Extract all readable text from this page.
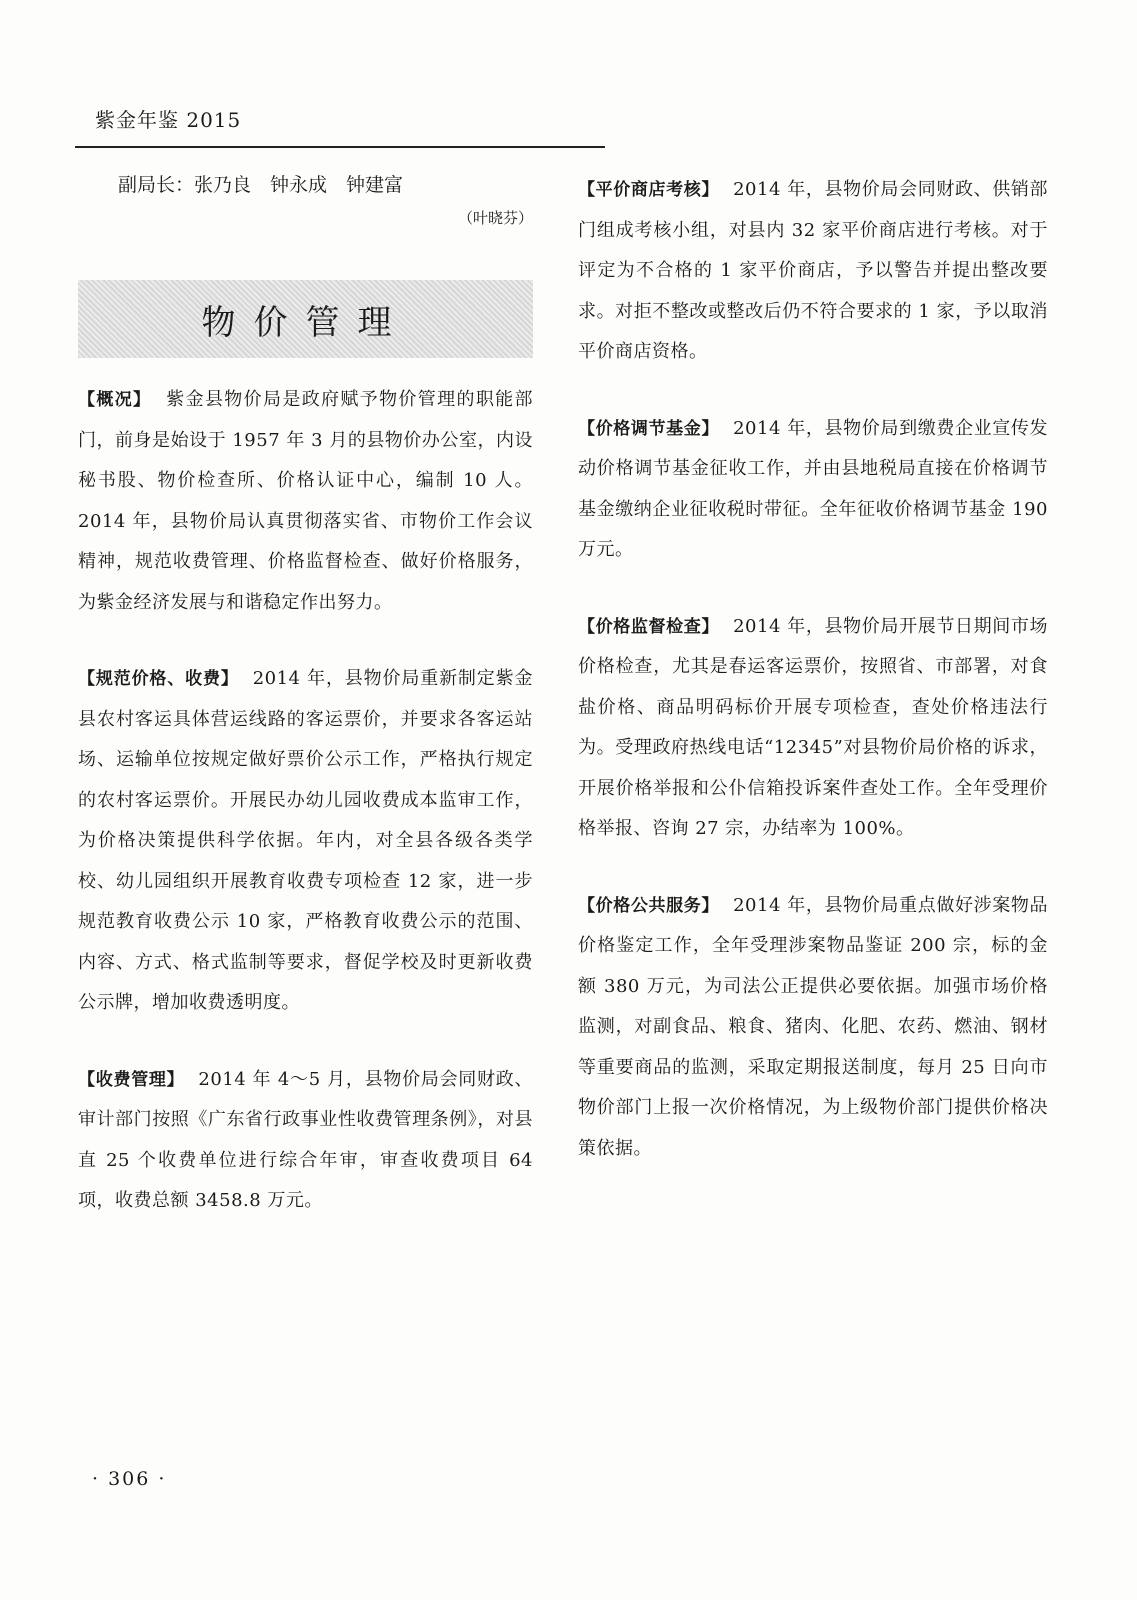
紫金年鉴 2015
副局长：张乃良　钟永成　钟建富
（叶晓芬）
物价管理

【概况】 紫金县物价局是政府赋予物价管理的职能部门，前身是始设于 1957 年 3 月的县物价办公室，内设秘书股、物价检查所、价格认证中心，编制 10 人。2014 年，县物价局认真贯彻落实省、市物价工作会议精神，规范收费管理、价格监督检查、做好价格服务，为紫金经济发展与和谐稳定作出努力。

【规范价格、收费】 2014 年，县物价局重新制定紫金县农村客运具体营运线路的客运票价，并要求各客运站场、运输单位按规定做好票价公示工作，严格执行规定的农村客运票价。开展民办幼儿园收费成本监审工作，为价格决策提供科学依据。年内，对全县各级各类学校、幼儿园组织开展教育收费专项检查 12 家，进一步规范教育收费公示 10 家，严格教育收费公示的范围、内容、方式、格式监制等要求，督促学校及时更新收费公示牌，增加收费透明度。

【收费管理】 2014 年 4～5 月，县物价局会同财政、审计部门按照《广东省行政事业性收费管理条例》，对县直 25 个收费单位进行综合年审，审查收费项目 64 项，收费总额 3458.8 万元。

【平价商店考核】 2014 年，县物价局会同财政、供销部门组成考核小组，对县内 32 家平价商店进行考核。对于评定为不合格的 1 家平价商店，予以警告并提出整改要求。对拒不整改或整改后仍不符合要求的 1 家，予以取消平价商店资格。

【价格调节基金】 2014 年，县物价局到缴费企业宣传发动价格调节基金征收工作，并由县地税局直接在价格调节基金缴纳企业征收税时带征。全年征收价格调节基金 190 万元。

【价格监督检查】 2014 年，县物价局开展节日期间市场价格检查，尤其是春运客运票价，按照省、市部署，对食盐价格、商品明码标价开展专项检查，查处价格违法行为。受理政府热线电话“12345”对县物价局价格的诉求，开展价格举报和公仆信箱投诉案件查处工作。全年受理价格举报、咨询 27 宗，办结率为 100%。

【价格公共服务】 2014 年，县物价局重点做好涉案物品价格鉴定工作，全年受理涉案物品鉴证 200 宗，标的金额 380 万元，为司法公正提供必要依据。加强市场价格监测，对副食品、粮食、猪肉、化肥、农药、燃油、钢材等重要商品的监测，采取定期报送制度，每月 25 日向市物价部门上报一次价格情况，为上级物价部门提供价格决策依据。

· 306 ·
